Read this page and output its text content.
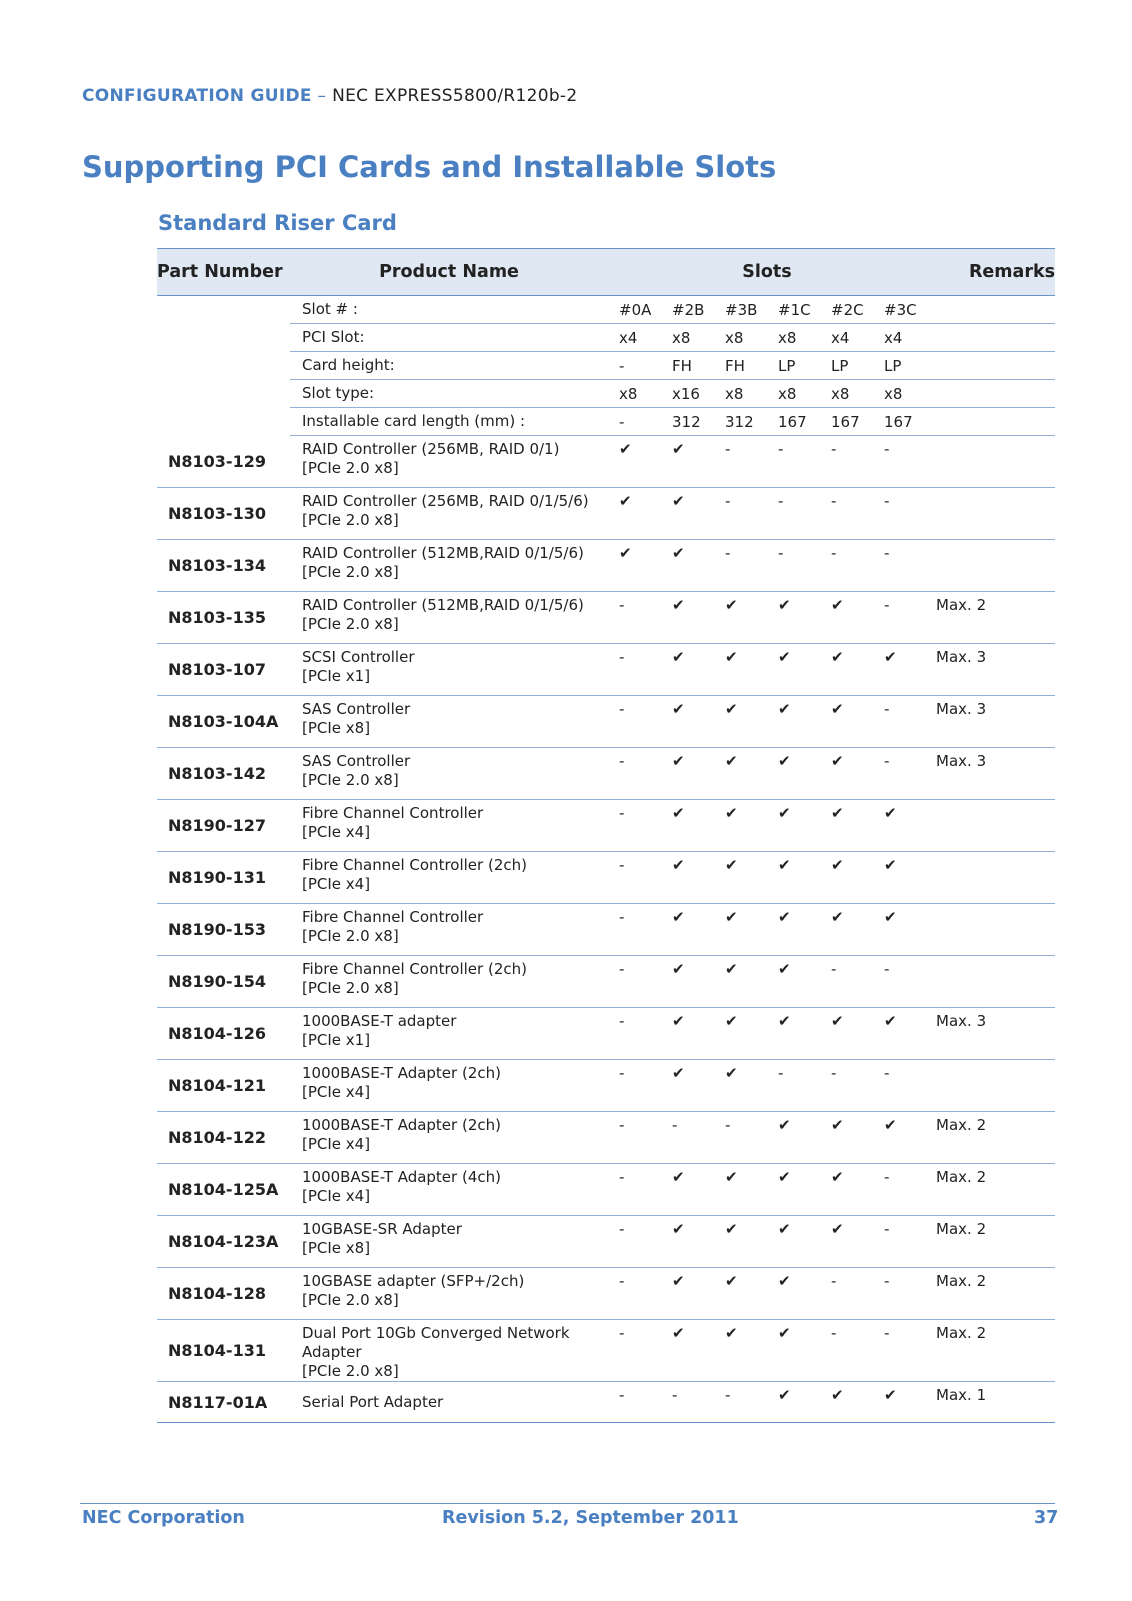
CONFIGURATION GUIDE – NEC EXPRESS5800/R120b-2
Supporting PCI Cards and Installable Slots
Standard Riser Card
Part Number	Product Name	Slots						Remarks
	Slot # :	#0A	#2B	#3B	#1C	#2C	#3C	
	PCI Slot:	x4	x8	x8	x8	x4	x4	
	Card height:	-	FH	FH	LP	LP	LP	
	Slot type:	x8	x16	x8	x8	x8	x8	
	Installable card length (mm) :	-	312	312	167	167	167	
N8103-129	RAID Controller (256MB, RAID 0/1)
[PCIe 2.0 x8]	✔	✔	-	-	-	-	
N8103-130	RAID Controller (256MB, RAID 0/1/5/6)
[PCIe 2.0 x8]	✔	✔	-	-	-	-	
N8103-134	RAID Controller (512MB,RAID 0/1/5/6)
[PCIe 2.0 x8]	✔	✔	-	-	-	-	
N8103-135	RAID Controller (512MB,RAID 0/1/5/6)
[PCIe 2.0 x8]	-	✔	✔	✔	✔	-	Max. 2
N8103-107	SCSI Controller
[PCIe x1]	-	✔	✔	✔	✔	✔	Max. 3
N8103-104A	SAS Controller
[PCIe x8]	-	✔	✔	✔	✔	-	Max. 3
N8103-142	SAS Controller
[PCIe 2.0 x8]	-	✔	✔	✔	✔	-	Max. 3
N8190-127	Fibre Channel Controller
[PCIe x4]	-	✔	✔	✔	✔	✔	
N8190-131	Fibre Channel Controller (2ch)
[PCIe x4]	-	✔	✔	✔	✔	✔	
N8190-153	Fibre Channel Controller
[PCIe 2.0 x8]	-	✔	✔	✔	✔	✔	
N8190-154	Fibre Channel Controller (2ch)
[PCIe 2.0 x8]	-	✔	✔	✔	-	-	
N8104-126	1000BASE-T adapter
[PCIe x1]	-	✔	✔	✔	✔	✔	Max. 3
N8104-121	1000BASE-T Adapter (2ch)
[PCIe x4]	-	✔	✔	-	-	-	
N8104-122	1000BASE-T Adapter (2ch)
[PCIe x4]	-	-	-	✔	✔	✔	Max. 2
N8104-125A	1000BASE-T Adapter (4ch)
[PCIe x4]	-	✔	✔	✔	✔	-	Max. 2
N8104-123A	10GBASE-SR Adapter
[PCIe x8]	-	✔	✔	✔	✔	-	Max. 2
N8104-128	10GBASE adapter (SFP+/2ch)
[PCIe 2.0 x8]	-	✔	✔	✔	-	-	Max. 2
N8104-131	Dual Port 10Gb Converged Network Adapter
[PCIe 2.0 x8]	-	✔	✔	✔	-	-	Max. 2
N8117-01A	Serial Port Adapter	-	-	-	✔	✔	✔	Max. 1
NEC Corporation	Revision 5.2, September 2011	37
